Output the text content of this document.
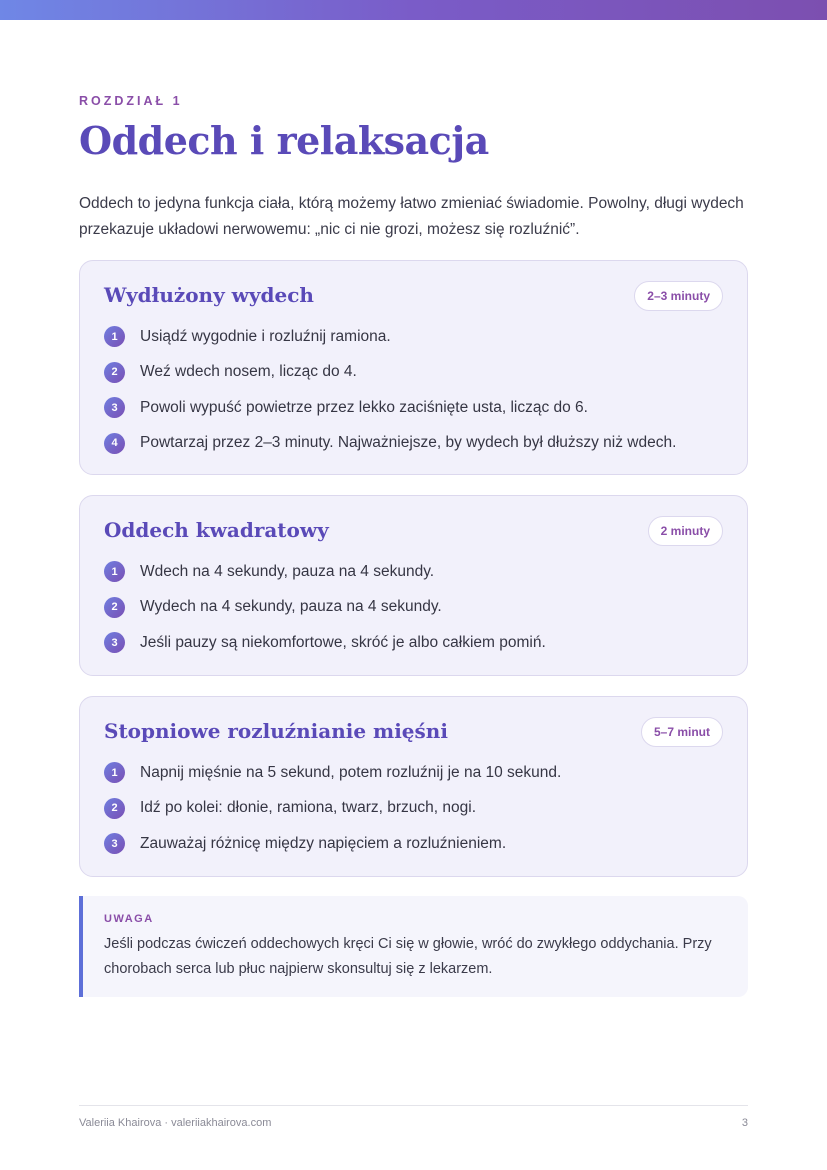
ROZDZIAŁ 1
Oddech i relaksacja

Oddech to jedyna funkcja ciała, którą możemy łatwo zmieniać świadomie. Powolny, długi wydech przekazuje układowi nerwowemu: „nic ci nie grozi, możesz się rozluźnić”.

Wydłużony wydech	2–3 minuty
1	Usiądź wygodnie i rozluźnij ramiona.
2	Weź wdech nosem, licząc do 4.
3	Powoli wypuść powietrze przez lekko zaciśnięte usta, licząc do 6.
4	Powtarzaj przez 2–3 minuty. Najważniejsze, by wydech był dłuższy niż wdech.
Oddech kwadratowy	2 minuty
1	Wdech na 4 sekundy, pauza na 4 sekundy.
2	Wydech na 4 sekundy, pauza na 4 sekundy.
3	Jeśli pauzy są niekomfortowe, skróć je albo całkiem pomiń.
Stopniowe rozluźnianie mięśni	5–7 minut
1	Napnij mięśnie na 5 sekund, potem rozluźnij je na 10 sekund.
2	Idź po kolei: dłonie, ramiona, twarz, brzuch, nogi.
3	Zauważaj różnicę między napięciem a rozluźnieniem.
UWAGA

Jeśli podczas ćwiczeń oddechowych kręci Ci się w głowie, wróć do zwykłego oddychania. Przy chorobach serca lub płuc najpierw skonsultuj się z lekarzem.

Valeriia Khairova · valeriiakhairova.com	3
